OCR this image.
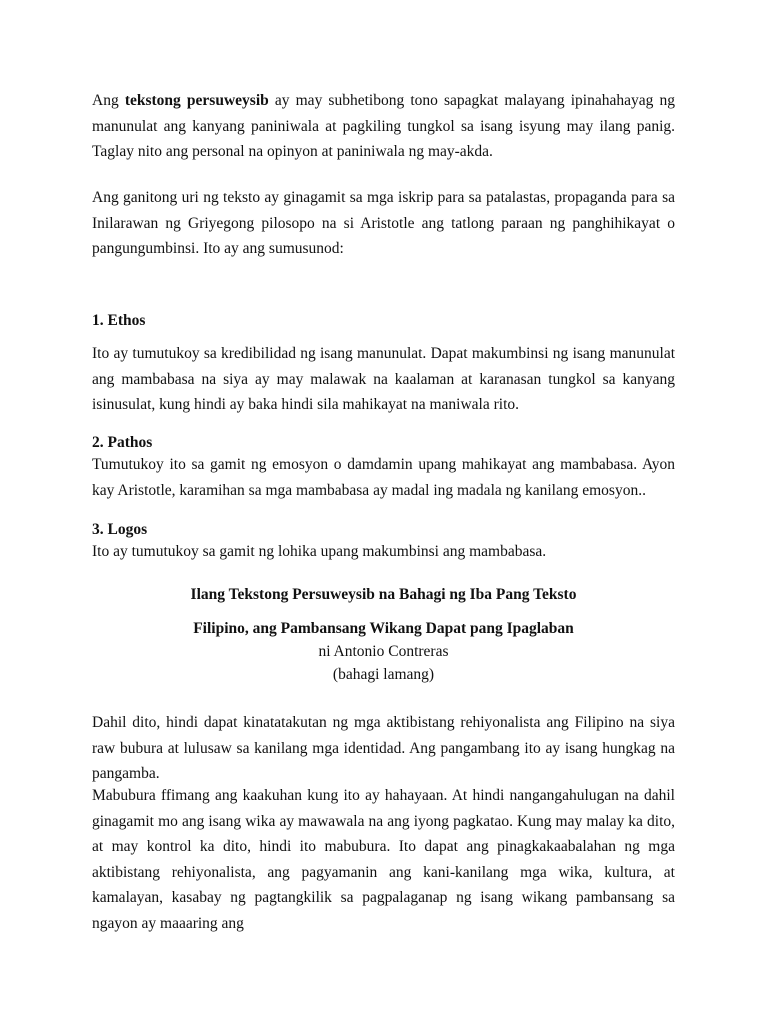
Ang tekstong persuweysib ay may subhetibong tono sapagkat malayang ipinahahayag ng manunulat ang kanyang paniniwala at pagkiling tungkol sa isang isyung may ilang panig. Taglay nito ang personal na opinyon at paniniwala ng may-akda.

Ang ganitong uri ng teksto ay ginagamit sa mga iskrip para sa patalastas, propaganda para sa Inilarawan ng Griyegong pilosopo na si Aristotle ang tatlong paraan ng panghihikayat o pangungumbinsi. Ito ay ang sumusunod:

1. Ethos

Ito ay tumutukoy sa kredibilidad ng isang manunulat. Dapat makumbinsi ng isang manunulat ang mambabasa na siya ay may malawak na kaalaman at karanasan tungkol sa kanyang isinusulat, kung hindi ay baka hindi sila mahikayat na maniwala rito.

2. Pathos

Tumutukoy ito sa gamit ng emosyon o damdamin upang mahikayat ang mambabasa. Ayon kay Aristotle, karamihan sa mga mambabasa ay madal ing madala ng kanilang emosyon..

3. Logos

Ito ay tumutukoy sa gamit ng lohika upang makumbinsi ang mambabasa.

Ilang Tekstong Persuweysib na Bahagi ng Iba Pang Teksto

Filipino, ang Pambansang Wikang Dapat pang Ipaglaban

ni Antonio Contreras

(bahagi lamang)

Dahil dito, hindi dapat kinatatakutan ng mga aktibistang rehiyonalista ang Filipino na siya raw bubura at lulusaw sa kanilang mga identidad. Ang pangambang ito ay isang hungkag na pangamba.

Mabubura ffimang ang kaakuhan kung ito ay hahayaan. At hindi nangangahulugan na dahil ginagamit mo ang isang wika ay mawawala na ang iyong pagkatao. Kung may malay ka dito, at may kontrol ka dito, hindi ito mabubura. Ito dapat ang pinagkakaabalahan ng mga aktibistang rehiyonalista, ang pagyamanin ang kani-kanilang mga wika, kultura, at kamalayan, kasabay ng pagtangkilik sa pagpalaganap ng isang wikang pambansang sa ngayon ay maaaring ang
